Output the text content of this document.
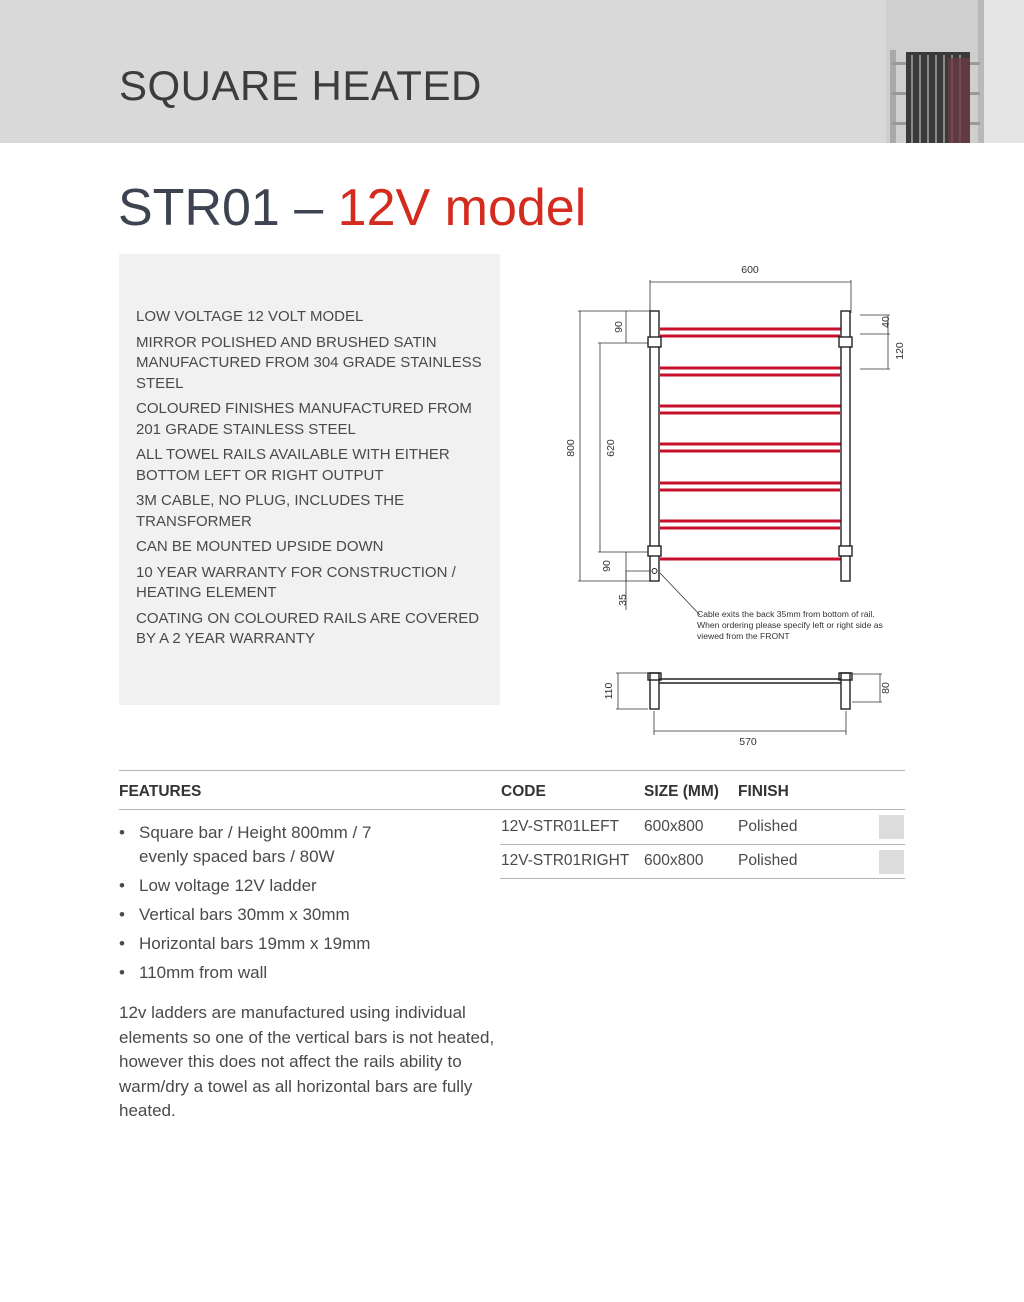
SQUARE HEATED
STR01 – 12V model
LOW VOLTAGE 12 VOLT MODEL
MIRROR POLISHED AND BRUSHED SATIN MANUFACTURED FROM 304 GRADE STAINLESS STEEL
COLOURED FINISHES MANUFACTURED FROM 201 GRADE STAINLESS STEEL
ALL TOWEL RAILS AVAILABLE WITH EITHER BOTTOM LEFT OR RIGHT OUTPUT
3M CABLE, NO PLUG, INCLUDES THE TRANSFORMER
CAN BE MOUNTED UPSIDE DOWN
10 YEAR WARRANTY FOR CONSTRUCTION / HEATING ELEMENT
COATING ON COLOURED RAILS ARE COVERED BY A 2 YEAR WARRANTY
600
800	620
90
90
35
40
120
110	80
570
Cable exits the back 35mm from bottom of rail.
When ordering please specify left or right side as
viewed from the FRONT
FEATURES	CODE	SIZE (MM) FINISH
12V-STR01LEFT 600x800 Polished
12V-STR01RIGHT 600x800 Polished
• Square bar / Height 800mm / 7 evenly spaced bars / 80W
• Low voltage 12V ladder
• Vertical bars 30mm x 30mm
• Horizontal bars 19mm x 19mm
• 110mm from wall
12v ladders are manufactured using individual elements so one of the vertical bars is not heated, however this does not affect the rails ability to warm/dry a towel as all horizontal bars are fully heated.
